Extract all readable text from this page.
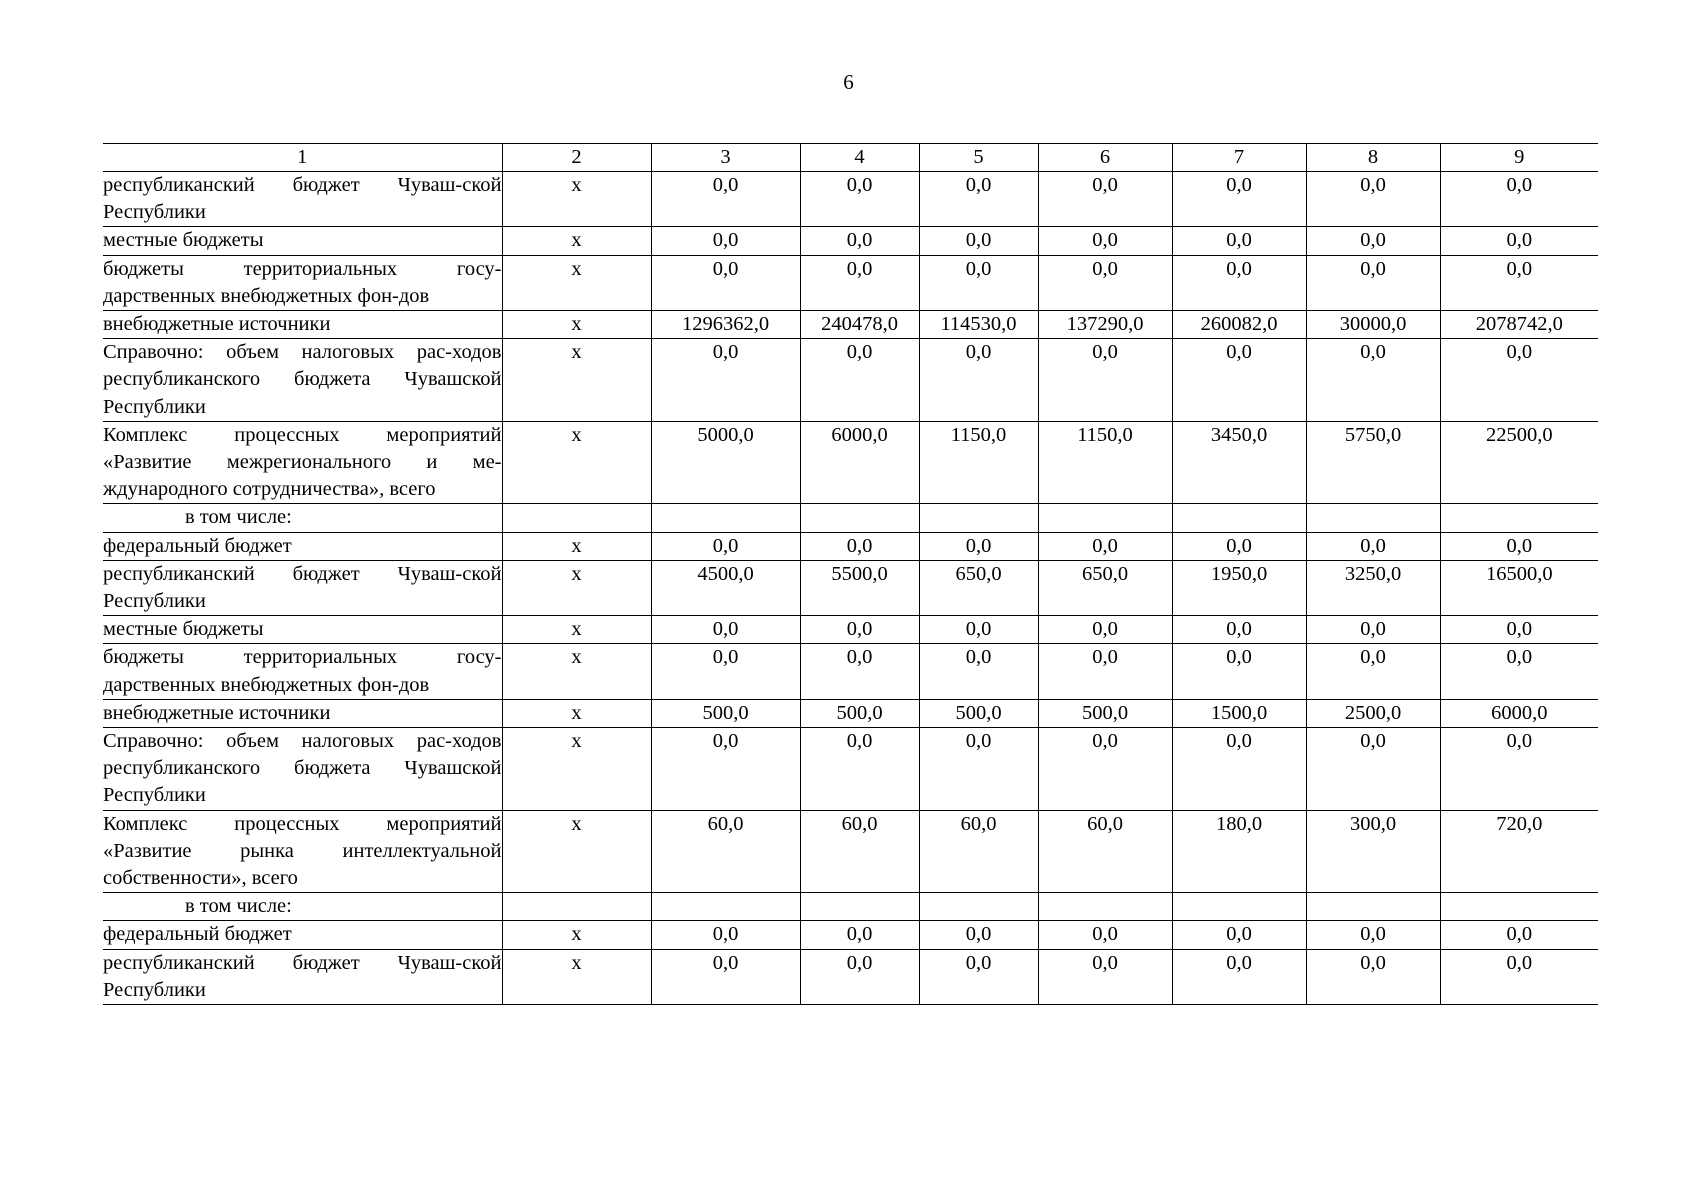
6
1	2	3	4	5	6	7	8	9
республиканский бюджет Чуваш-ской Республики	х	0,0	0,0	0,0	0,0	0,0	0,0	0,0
местные бюджеты	х	0,0	0,0	0,0	0,0	0,0	0,0	0,0
бюджеты территориальных госу-дарственных внебюджетных фон-дов	х	0,0	0,0	0,0	0,0	0,0	0,0	0,0
внебюджетные источники	х	1296362,0	240478,0	114530,0	137290,0	260082,0	30000,0	2078742,0
Справочно: объем налоговых рас-ходов республиканского бюджета Чувашской Республики	х	0,0	0,0	0,0	0,0	0,0	0,0	0,0
Комплекс процессных мероприятий «Развитие межрегионального и ме-ждународного сотрудничества», всего	х	5000,0	6000,0	1150,0	1150,0	3450,0	5750,0	22500,0
в том числе:								
федеральный бюджет	х	0,0	0,0	0,0	0,0	0,0	0,0	0,0
республиканский бюджет Чуваш-ской Республики	х	4500,0	5500,0	650,0	650,0	1950,0	3250,0	16500,0
местные бюджеты	х	0,0	0,0	0,0	0,0	0,0	0,0	0,0
бюджеты территориальных госу-дарственных внебюджетных фон-дов	х	0,0	0,0	0,0	0,0	0,0	0,0	0,0
внебюджетные источники	х	500,0	500,0	500,0	500,0	1500,0	2500,0	6000,0
Справочно: объем налоговых рас-ходов республиканского бюджета Чувашской Республики	х	0,0	0,0	0,0	0,0	0,0	0,0	0,0
Комплекс процессных мероприятий «Развитие рынка интеллектуальной собственности», всего	х	60,0	60,0	60,0	60,0	180,0	300,0	720,0
в том числе:								
федеральный бюджет	х	0,0	0,0	0,0	0,0	0,0	0,0	0,0
республиканский бюджет Чуваш-ской Республики	х	0,0	0,0	0,0	0,0	0,0	0,0	0,0
